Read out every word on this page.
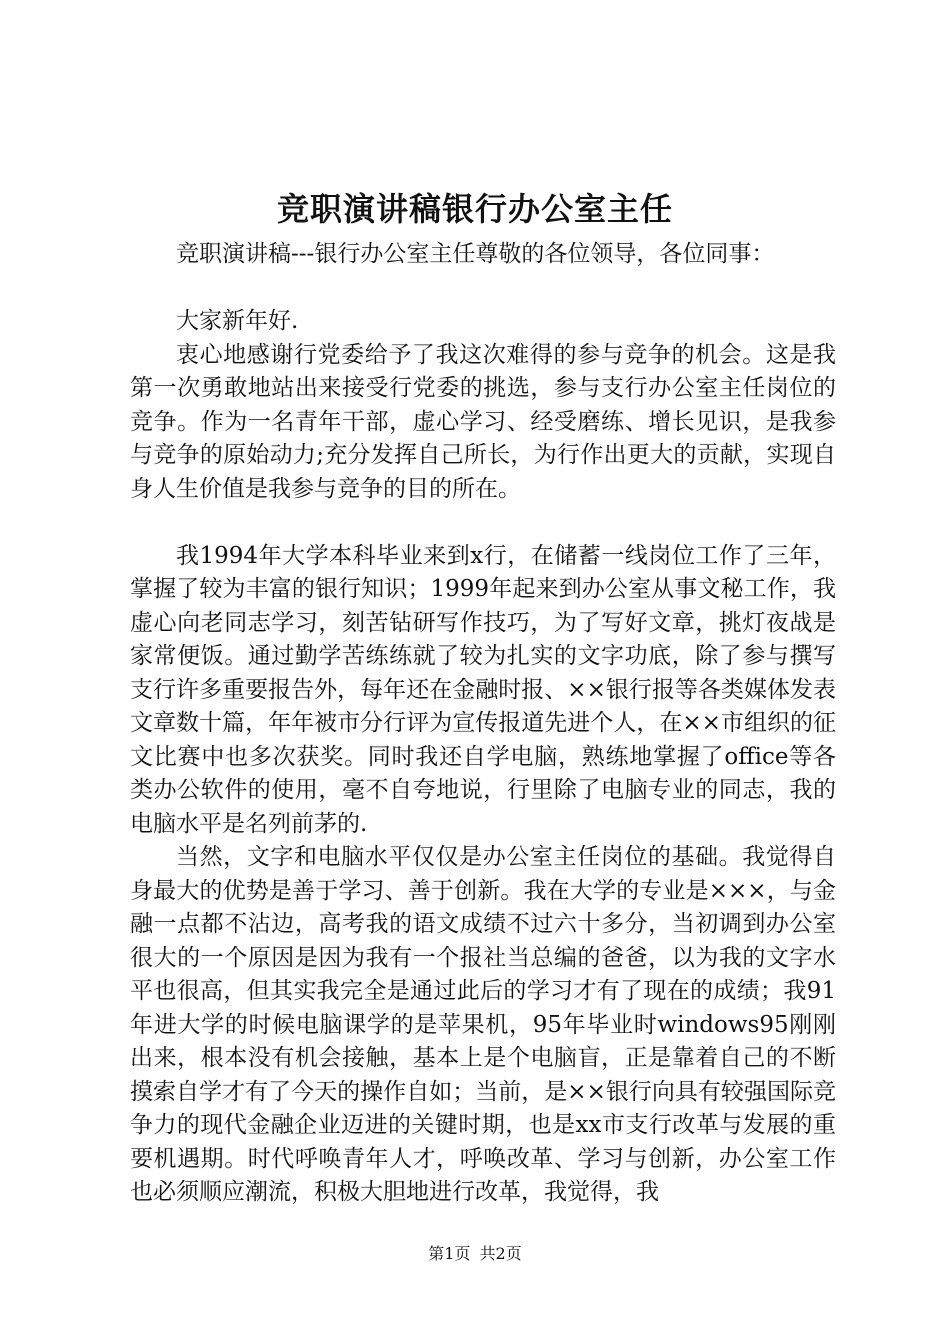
竞职演讲稿银行办公室主任

竞职演讲稿---银行办公室主任尊敬的各位领导，各位同事：

大家新年好.

衷心地感谢行党委给予了我这次难得的参与竞争的机会。这是我第一次勇敢地站出来接受行党委的挑选，参与支行办公室主任岗位的竞争。作为一名青年干部，虚心学习、经受磨练、增长见识，是我参与竞争的原始动力;充分发挥自己所长，为行作出更大的贡献，实现自身人生价值是我参与竞争的目的所在。

我1994年大学本科毕业来到x行，在储蓄一线岗位工作了三年，掌握了较为丰富的银行知识；1999年起来到办公室从事文秘工作，我虚心向老同志学习，刻苦钻研写作技巧，为了写好文章，挑灯夜战是家常便饭。通过勤学苦练练就了较为扎实的文字功底，除了参与撰写支行许多重要报告外，每年还在金融时报、××银行报等各类媒体发表文章数十篇，年年被市分行评为宣传报道先进个人，在××市组织的征文比赛中也多次获奖。同时我还自学电脑，熟练地掌握了office等各类办公软件的使用，毫不自夸地说，行里除了电脑专业的同志，我的电脑水平是名列前茅的.

当然，文字和电脑水平仅仅是办公室主任岗位的基础。我觉得自身最大的优势是善于学习、善于创新。我在大学的专业是×××，与金融一点都不沾边，高考我的语文成绩不过六十多分，当初调到办公室很大的一个原因是因为我有一个报社当总编的爸爸，以为我的文字水平也很高，但其实我完全是通过此后的学习才有了现在的成绩；我91年进大学的时候电脑课学的是苹果机，95年毕业时windows95刚刚出来，根本没有机会接触，基本上是个电脑盲，正是靠着自己的不断摸索自学才有了今天的操作自如；当前，是××银行向具有较强国际竞争力的现代金融企业迈进的关键时期，也是xx市支行改革与发展的重要机遇期。时代呼唤青年人才，呼唤改革、学习与创新，办公室工作也必须顺应潮流，积极大胆地进行改革，我觉得，我

第1页 共2页
